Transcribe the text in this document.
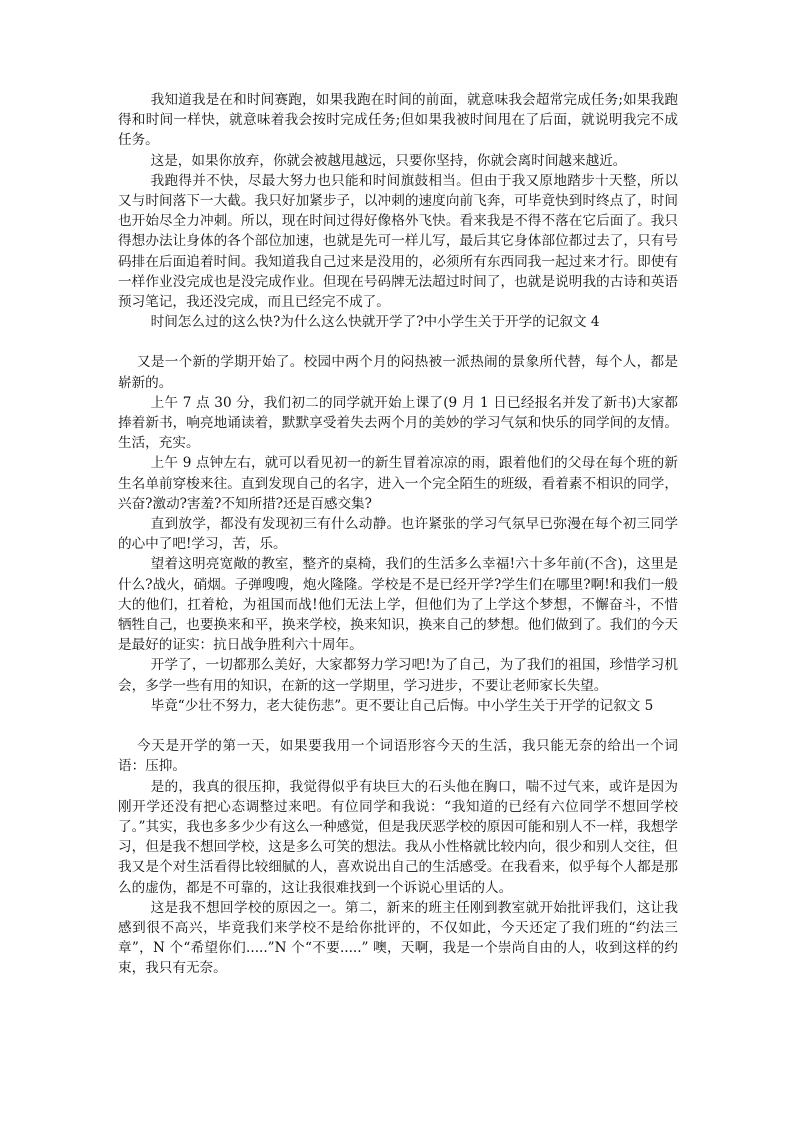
我知道我是在和时间赛跑，如果我跑在时间的前面，就意味我会超常完成任务;如果我跑得和时间一样快，就意味着我会按时完成任务;但如果我被时间甩在了后面，就说明我完不成任务。

这是，如果你放弃，你就会被越甩越远，只要你坚持，你就会离时间越来越近。

我跑得并不快，尽最大努力也只能和时间旗鼓相当。但由于我又原地踏步十天整，所以又与时间落下一大截。我只好加紧步子，以冲刺的速度向前飞奔，可毕竟快到时终点了，时间也开始尽全力冲刺。所以，现在时间过得好像格外飞快。看来我是不得不落在它后面了。我只得想办法让身体的各个部位加速，也就是先可一样儿写，最后其它身体部位都过去了，只有号码排在后面追着时间。我知道我自己过来是没用的，必须所有东西同我一起过来才行。即使有一样作业没完成也是没完成作业。但现在号码牌无法超过时间了，也就是说明我的古诗和英语预习笔记，我还没完成，而且已经完不成了。

时间怎么过的这么快?为什么这么快就开学了?中小学生关于开学的记叙文 4

又是一个新的学期开始了。校园中两个月的闷热被一派热闹的景象所代替，每个人，都是崭新的。

上午 7 点 30 分，我们初二的同学就开始上课了(9 月 1 日已经报名并发了新书)大家都捧着新书，响亮地诵读着，默默享受着失去两个月的美妙的学习气氛和快乐的同学间的友情。生活，充实。

上午 9 点钟左右，就可以看见初一的新生冒着凉凉的雨，跟着他们的父母在每个班的新生名单前穿梭来往。直到发现自己的名字，进入一个完全陌生的班级，看着素不相识的同学，兴奋?激动?害羞?不知所措?还是百感交集?

直到放学，都没有发现初三有什么动静。也许紧张的学习气氛早已弥漫在每个初三同学的心中了吧!学习，苦，乐。

望着这明亮宽敞的教室，整齐的桌椅，我们的生活多么幸福!六十多年前(不含)，这里是什么?战火，硝烟。子弹嗖嗖，炮火隆隆。学校是不是已经开学?学生们在哪里?啊!和我们一般大的他们，扛着枪，为祖国而战!他们无法上学，但他们为了上学这个梦想，不懈奋斗，不惜牺牲自己，也要换来和平，换来学校，换来知识，换来自己的梦想。他们做到了。我们的今天是最好的证实：抗日战争胜利六十周年。

开学了，一切都那么美好，大家都努力学习吧!为了自己，为了我们的祖国，珍惜学习机会，多学一些有用的知识，在新的这一学期里，学习进步，不要让老师家长失望。

毕竟“少壮不努力，老大徒伤悲”。更不要让自己后悔。中小学生关于开学的记叙文 5

今天是开学的第一天，如果要我用一个词语形容今天的生活，我只能无奈的给出一个词语：压抑。

是的，我真的很压抑，我觉得似乎有块巨大的石头他在胸口，喘不过气来，或许是因为刚开学还没有把心态调整过来吧。有位同学和我说：“我知道的已经有六位同学不想回学校了。”其实，我也多多少少有这么一种感觉，但是我厌恶学校的原因可能和别人不一样，我想学习，但是我不想回学校，这是多么可笑的想法。我从小性格就比较内向，很少和别人交往，但我又是个对生活看得比较细腻的人，喜欢说出自己的生活感受。在我看来，似乎每个人都是那么的虚伪，都是不可靠的，这让我很难找到一个诉说心里话的人。

这是我不想回学校的原因之一。第二，新来的班主任刚到教室就开始批评我们，这让我感到很不高兴，毕竟我们来学校不是给你批评的，不仅如此，今天还定了我们班的“约法三章”，N 个“希望你们.....”N 个“不要.....” 噢，天啊，我是一个崇尚自由的人，收到这样的约束，我只有无奈。
